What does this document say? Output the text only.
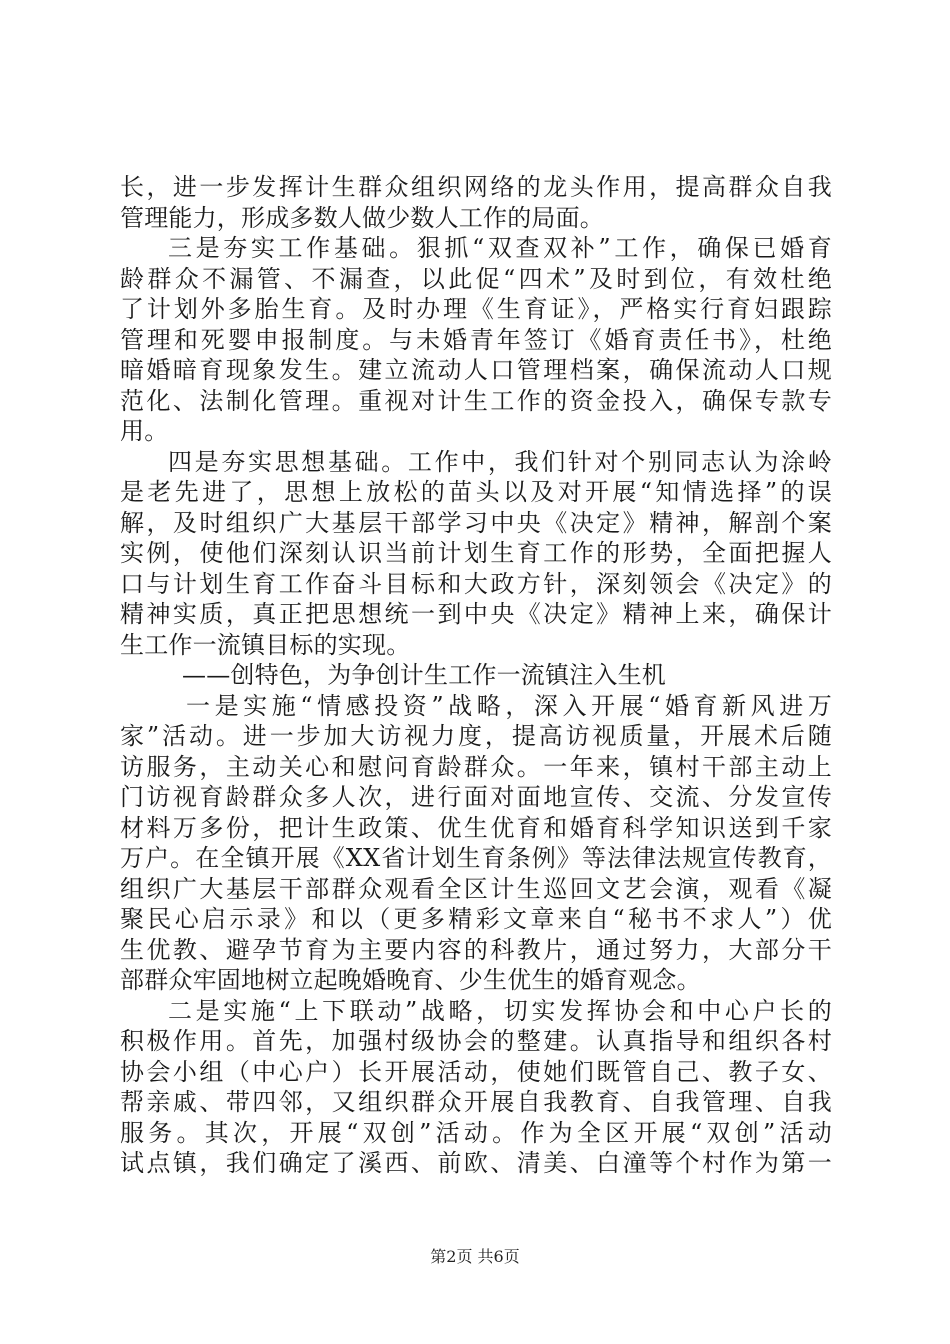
长，进一步发挥计生群众组织网络的龙头作用，提高群众自我
管理能力，形成多数人做少数人工作的局面。
三是夯实工作基础。狠抓“双查双补”工作，确保已婚育
龄群众不漏管、不漏查，以此促“四术”及时到位，有效杜绝
了计划外多胎生育。及时办理《生育证》，严格实行育妇跟踪
管理和死婴申报制度。与未婚青年签订《婚育责任书》，杜绝
暗婚暗育现象发生。建立流动人口管理档案，确保流动人口规
范化、法制化管理。重视对计生工作的资金投入，确保专款专
用。
四是夯实思想基础。工作中，我们针对个别同志认为涂岭
是老先进了，思想上放松的苗头以及对开展“知情选择”的误
解，及时组织广大基层干部学习中央《决定》精神，解剖个案
实例，使他们深刻认识当前计划生育工作的形势，全面把握人
口与计划生育工作奋斗目标和大政方针，深刻领会《决定》的
精神实质，真正把思想统一到中央《决定》精神上来，确保计
生工作一流镇目标的实现。
——创特色，为争创计生工作一流镇注入生机
一是实施“情感投资”战略，深入开展“婚育新风进万
家”活动。进一步加大访视力度，提高访视质量，开展术后随
访服务，主动关心和慰问育龄群众。一年来，镇村干部主动上
门访视育龄群众多人次，进行面对面地宣传、交流、分发宣传
材料万多份，把计生政策、优生优育和婚育科学知识送到千家
万户。在全镇开展《XX省计划生育条例》等法律法规宣传教育，
组织广大基层干部群众观看全区计生巡回文艺会演，观看《凝
聚民心启示录》和以（更多精彩文章来自“秘书不求人”）优
生优教、避孕节育为主要内容的科教片，通过努力，大部分干
部群众牢固地树立起晚婚晚育、少生优生的婚育观念。
二是实施“上下联动”战略，切实发挥协会和中心户长的
积极作用。首先，加强村级协会的整建。认真指导和组织各村
协会小组（中心户）长开展活动，使她们既管自己、教子女、
帮亲戚、带四邻，又组织群众开展自我教育、自我管理、自我
服务。其次，开展“双创”活动。作为全区开展“双创”活动
试点镇，我们确定了溪西、前欧、清美、白潼等个村作为第一
第2页 共6页
